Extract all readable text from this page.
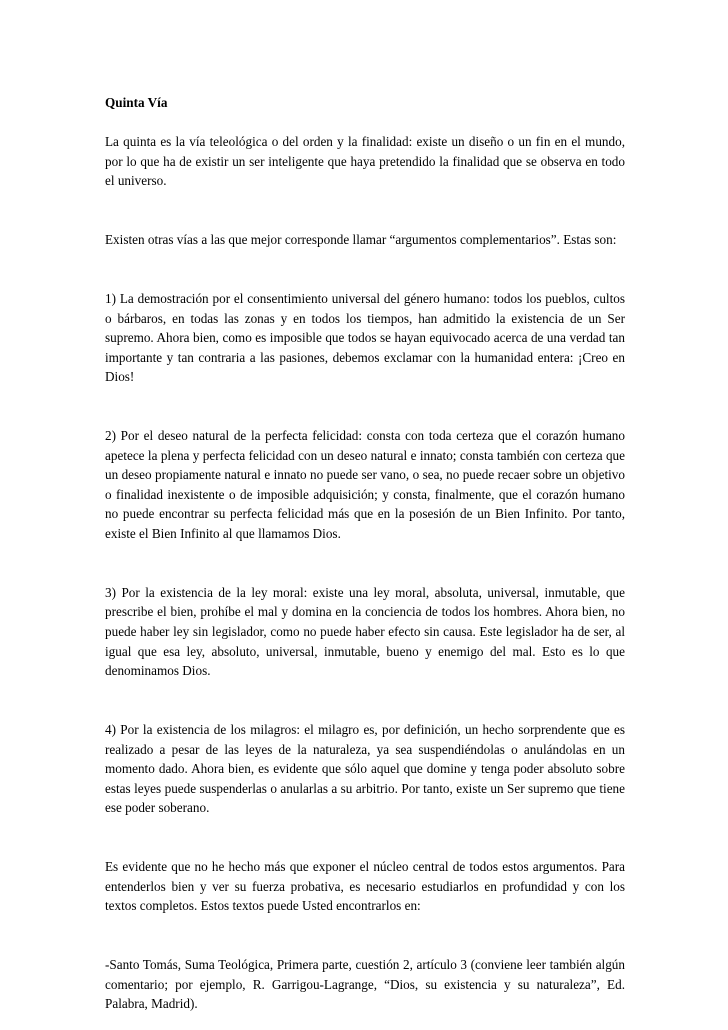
Quinta Vía

La quinta es la vía teleológica o del orden y la finalidad: existe un diseño o un fin en el mundo, por lo que ha de existir un ser inteligente que haya pretendido la finalidad que se observa en todo el universo.

Existen otras vías a las que mejor corresponde llamar “argumentos complementarios”. Estas son:

1) La demostración por el consentimiento universal del género humano: todos los pueblos, cultos o bárbaros, en todas las zonas y en todos los tiempos, han admitido la existencia de un Ser supremo. Ahora bien, como es imposible que todos se hayan equivocado acerca de una verdad tan importante y tan contraria a las pasiones, debemos exclamar con la humanidad entera: ¡Creo en Dios!

2) Por el deseo natural de la perfecta felicidad: consta con toda certeza que el corazón humano apetece la plena y perfecta felicidad con un deseo natural e innato; consta también con certeza que un deseo propiamente natural e innato no puede ser vano, o sea, no puede recaer sobre un objetivo o finalidad inexistente o de imposible adquisición; y consta, finalmente, que el corazón humano no puede encontrar su perfecta felicidad más que en la posesión de un Bien Infinito. Por tanto, existe el Bien Infinito al que llamamos Dios.

3) Por la existencia de la ley moral: existe una ley moral, absoluta, universal, inmutable, que prescribe el bien, prohíbe el mal y domina en la conciencia de todos los hombres. Ahora bien, no puede haber ley sin legislador, como no puede haber efecto sin causa. Este legislador ha de ser, al igual que esa ley, absoluto, universal, inmutable, bueno y enemigo del mal. Esto es lo que denominamos Dios.

4) Por la existencia de los milagros: el milagro es, por definición, un hecho sorprendente que es realizado a pesar de las leyes de la naturaleza, ya sea suspendiéndolas o anulándolas en un momento dado. Ahora bien, es evidente que sólo aquel que domine y tenga poder absoluto sobre estas leyes puede suspenderlas o anularlas a su arbitrio. Por tanto, existe un Ser supremo que tiene ese poder soberano.

Es evidente que no he hecho más que exponer el núcleo central de todos estos argumentos. Para entenderlos bien y ver su fuerza probativa, es necesario estudiarlos en profundidad y con los textos completos. Estos textos puede Usted encontrarlos en:

-Santo Tomás, Suma Teológica, Primera parte, cuestión 2, artículo 3 (conviene leer también algún comentario; por ejemplo, R. Garrigou-Lagrange, “Dios, su existencia y su naturaleza”, Ed. Palabra, Madrid).
